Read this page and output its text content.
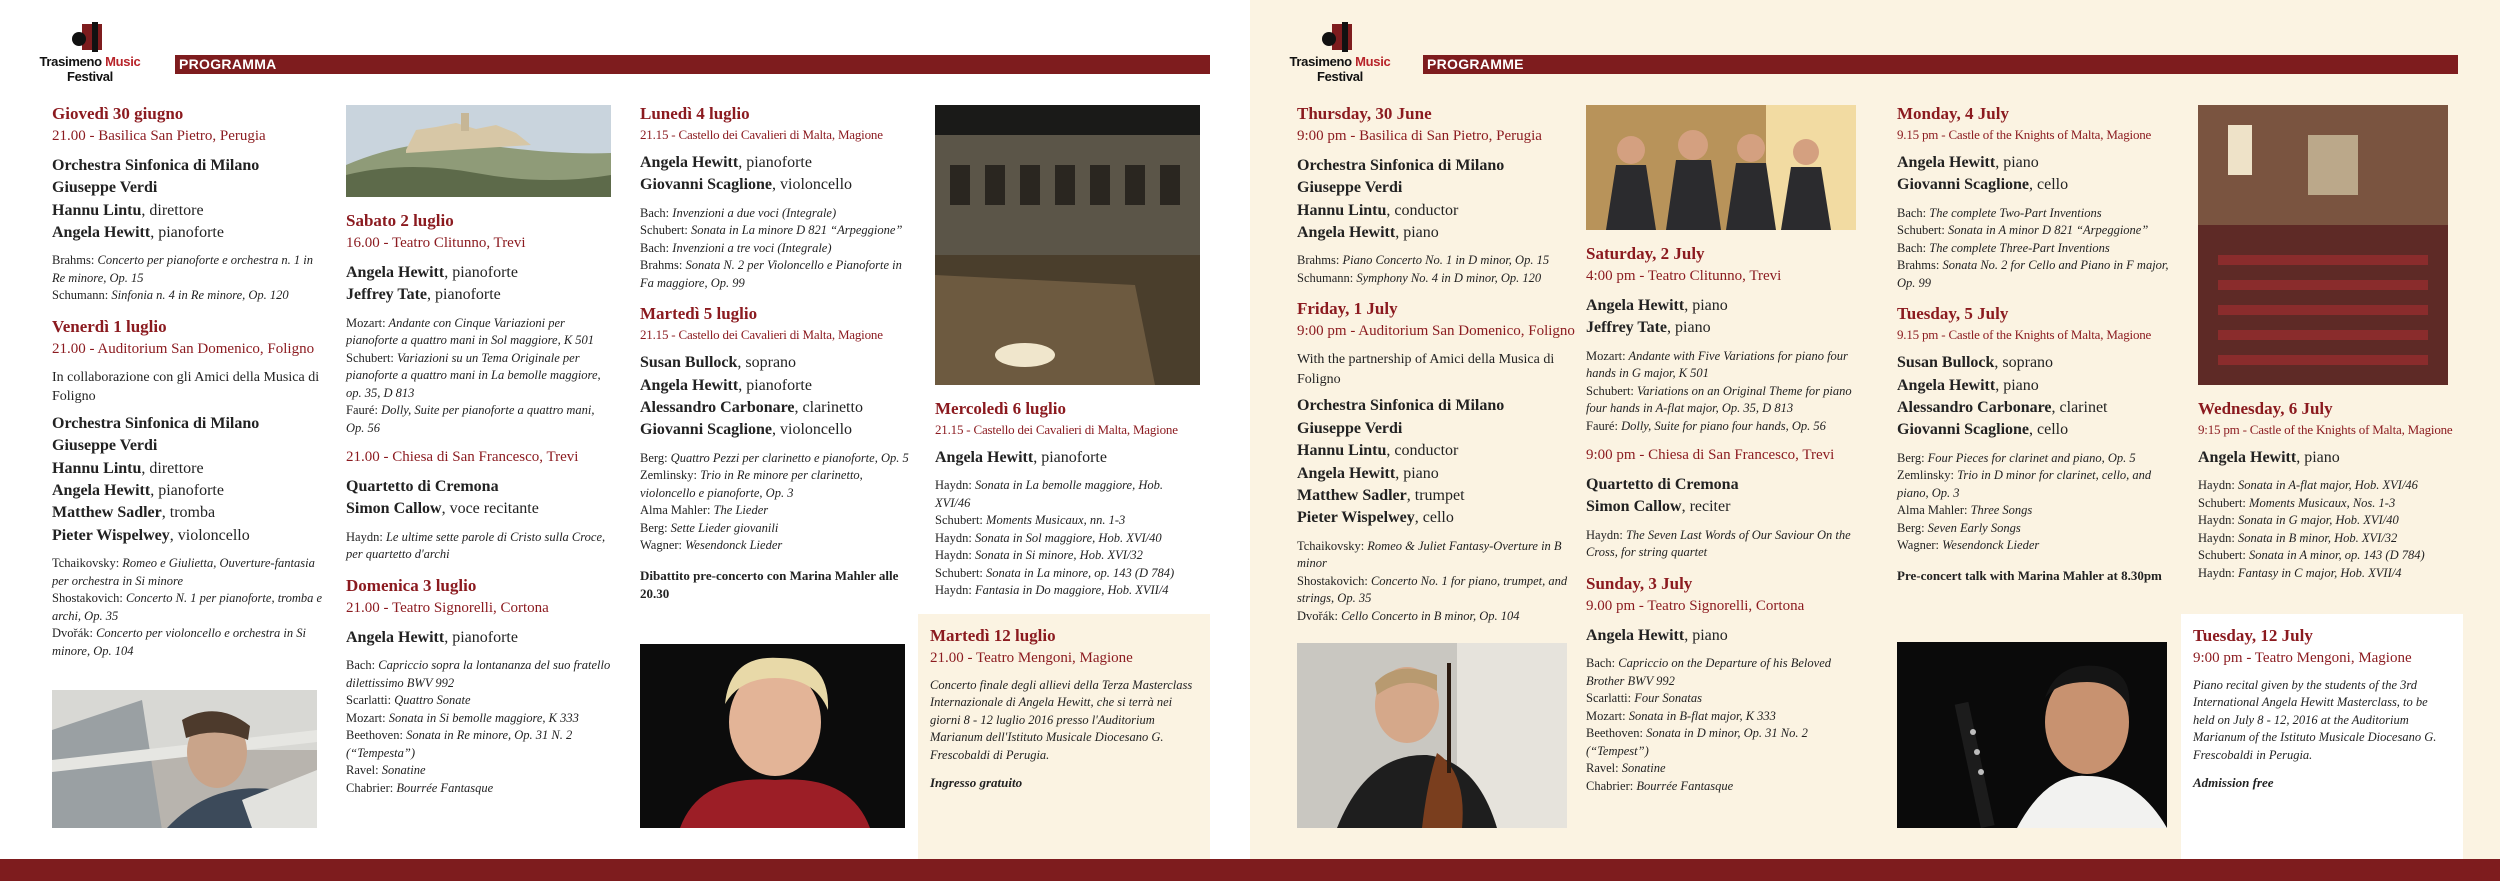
Trasimeno Music Festival
PROGRAMMA
Giovedì 30 giugno
21.00 - Basilica San Pietro, Perugia
Orchestra Sinfonica di Milano
Giuseppe Verdi
Hannu Lintu, direttore
Angela Hewitt, pianoforte
Brahms: Concerto per pianoforte e orchestra n. 1 in Re minore, Op. 15
Schumann: Sinfonia n. 4 in Re minore, Op. 120
Venerdì 1 luglio
21.00 - Auditorium San Domenico, Foligno
In collaborazione con gli Amici della Musica di Foligno
Orchestra Sinfonica di Milano
Giuseppe Verdi
Hannu Lintu, direttore
Angela Hewitt, pianoforte
Matthew Sadler, tromba
Pieter Wispelwey, violoncello
Tchaikovsky: Romeo e Giulietta, Ouverture-fantasia per orchestra in Si minore
Shostakovich: Concerto N. 1 per pianoforte, tromba e archi, Op. 35
Dvořák: Concerto per violoncello e orchestra in Si minore, Op. 104
Sabato 2 luglio
16.00 - Teatro Clitunno, Trevi
Angela Hewitt, pianoforte
Jeffrey Tate, pianoforte
Mozart: Andante con Cinque Variazioni per pianoforte a quattro mani in Sol maggiore, K 501
Schubert: Variazioni su un Tema Originale per pianoforte a quattro mani in La bemolle maggiore, op. 35, D 813
Fauré: Dolly, Suite per pianoforte a quattro mani, Op. 56
21.00 - Chiesa di San Francesco, Trevi
Quartetto di Cremona
Simon Callow, voce recitante
Haydn: Le ultime sette parole di Cristo sulla Croce, per quartetto d'archi
Domenica 3 luglio
21.00 - Teatro Signorelli, Cortona
Angela Hewitt, pianoforte
Bach: Capriccio sopra la lontananza del suo fratello dilettissimo BWV 992
Scarlatti: Quattro Sonate
Mozart: Sonata in Si bemolle maggiore, K 333
Beethoven: Sonata in Re minore, Op. 31 N. 2 (“Tempesta”)
Ravel: Sonatine
Chabrier: Bourrée Fantasque
Lunedì 4 luglio
21.15 - Castello dei Cavalieri di Malta, Magione
Angela Hewitt, pianoforte
Giovanni Scaglione, violoncello
Bach: Invenzioni a due voci (Integrale)
Schubert: Sonata in La minore D 821 “Arpeggione”
Bach: Invenzioni a tre voci (Integrale)
Brahms: Sonata N. 2 per Violoncello e Pianoforte in Fa maggiore, Op. 99
Martedì 5 luglio
21.15 - Castello dei Cavalieri di Malta, Magione
Susan Bullock, soprano
Angela Hewitt, pianoforte
Alessandro Carbonare, clarinetto
Giovanni Scaglione, violoncello
Berg: Quattro Pezzi per clarinetto e pianoforte, Op. 5
Zemlinsky: Trio in Re minore per clarinetto, violoncello e pianoforte, Op. 3
Alma Mahler: The Lieder
Berg: Sette Lieder giovanili
Wagner: Wesendonck Lieder
Dibattito pre-concerto con Marina Mahler alle 20.30
Mercoledì 6 luglio
21.15 - Castello dei Cavalieri di Malta, Magione
Angela Hewitt, pianoforte
Haydn: Sonata in La bemolle maggiore, Hob. XVI/46
Schubert: Moments Musicaux, nn. 1-3
Haydn: Sonata in Sol maggiore, Hob. XVI/40
Haydn: Sonata in Si minore, Hob. XVI/32
Schubert: Sonata in La minore, op. 143 (D 784)
Haydn: Fantasia in Do maggiore, Hob. XVII/4
Martedì 12 luglio
21.00 - Teatro Mengoni, Magione
Concerto finale degli allievi della Terza Masterclass Internazionale di Angela Hewitt, che si terrà nei giorni 8 - 12 luglio 2016 presso l'Auditorium Marianum dell'Istituto Musicale Diocesano G. Frescobaldi di Perugia.
Ingresso gratuito
Trasimeno Music Festival
PROGRAMME
Thursday, 30 June
9:00 pm - Basilica di San Pietro, Perugia
Orchestra Sinfonica di Milano
Giuseppe Verdi
Hannu Lintu, conductor
Angela Hewitt, piano
Brahms: Piano Concerto No. 1 in D minor, Op. 15
Schumann: Symphony No. 4 in D minor, Op. 120
Friday, 1 July
9:00 pm - Auditorium San Domenico, Foligno
With the partnership of Amici della Musica di Foligno
Orchestra Sinfonica di Milano
Giuseppe Verdi
Hannu Lintu, conductor
Angela Hewitt, piano
Matthew Sadler, trumpet
Pieter Wispelwey, cello
Tchaikovsky: Romeo & Juliet Fantasy-Overture in B minor
Shostakovich: Concerto No. 1 for piano, trumpet, and strings, Op. 35
Dvořák: Cello Concerto in B minor, Op. 104
Saturday, 2 July
4:00 pm - Teatro Clitunno, Trevi
Angela Hewitt, piano
Jeffrey Tate, piano
Mozart: Andante with Five Variations for piano four hands in G major, K 501
Schubert: Variations on an Original Theme for piano four hands in A-flat major, Op. 35, D 813
Fauré: Dolly, Suite for piano four hands, Op. 56
9:00 pm - Chiesa di San Francesco, Trevi
Quartetto di Cremona
Simon Callow, reciter
Haydn: The Seven Last Words of Our Saviour On the Cross, for string quartet
Sunday, 3 July
9.00 pm - Teatro Signorelli, Cortona
Angela Hewitt, piano
Bach: Capriccio on the Departure of his Beloved Brother BWV 992
Scarlatti: Four Sonatas
Mozart: Sonata in B-flat major, K 333
Beethoven: Sonata in D minor, Op. 31 No. 2 (“Tempest”)
Ravel: Sonatine
Chabrier: Bourrée Fantasque
Monday, 4 July
9.15 pm - Castle of the Knights of Malta, Magione
Angela Hewitt, piano
Giovanni Scaglione, cello
Bach: The complete Two-Part Inventions
Schubert: Sonata in A minor D 821 “Arpeggione”
Bach: The complete Three-Part Inventions
Brahms: Sonata No. 2 for Cello and Piano in F major, Op. 99
Tuesday, 5 July
9.15 pm - Castle of the Knights of Malta, Magione
Susan Bullock, soprano
Angela Hewitt, piano
Alessandro Carbonare, clarinet
Giovanni Scaglione, cello
Berg: Four Pieces for clarinet and piano, Op. 5
Zemlinsky: Trio in D minor for clarinet, cello, and piano, Op. 3
Alma Mahler: Three Songs
Berg: Seven Early Songs
Wagner: Wesendonck Lieder
Pre-concert talk with Marina Mahler at 8.30pm
Wednesday, 6 July
9:15 pm - Castle of the Knights of Malta, Magione
Angela Hewitt, piano
Haydn: Sonata in A-flat major, Hob. XVI/46
Schubert: Moments Musicaux, Nos. 1-3
Haydn: Sonata in G major, Hob. XVI/40
Haydn: Sonata in B minor, Hob. XVI/32
Schubert: Sonata in A minor, op. 143 (D 784)
Haydn: Fantasy in C major, Hob. XVII/4
Tuesday, 12 July
9:00 pm - Teatro Mengoni, Magione
Piano recital given by the students of the 3rd International Angela Hewitt Masterclass, to be held on July 8 - 12, 2016 at the Auditorium Marianum of the Istituto Musicale Diocesano G. Frescobaldi in Perugia.
Admission free
